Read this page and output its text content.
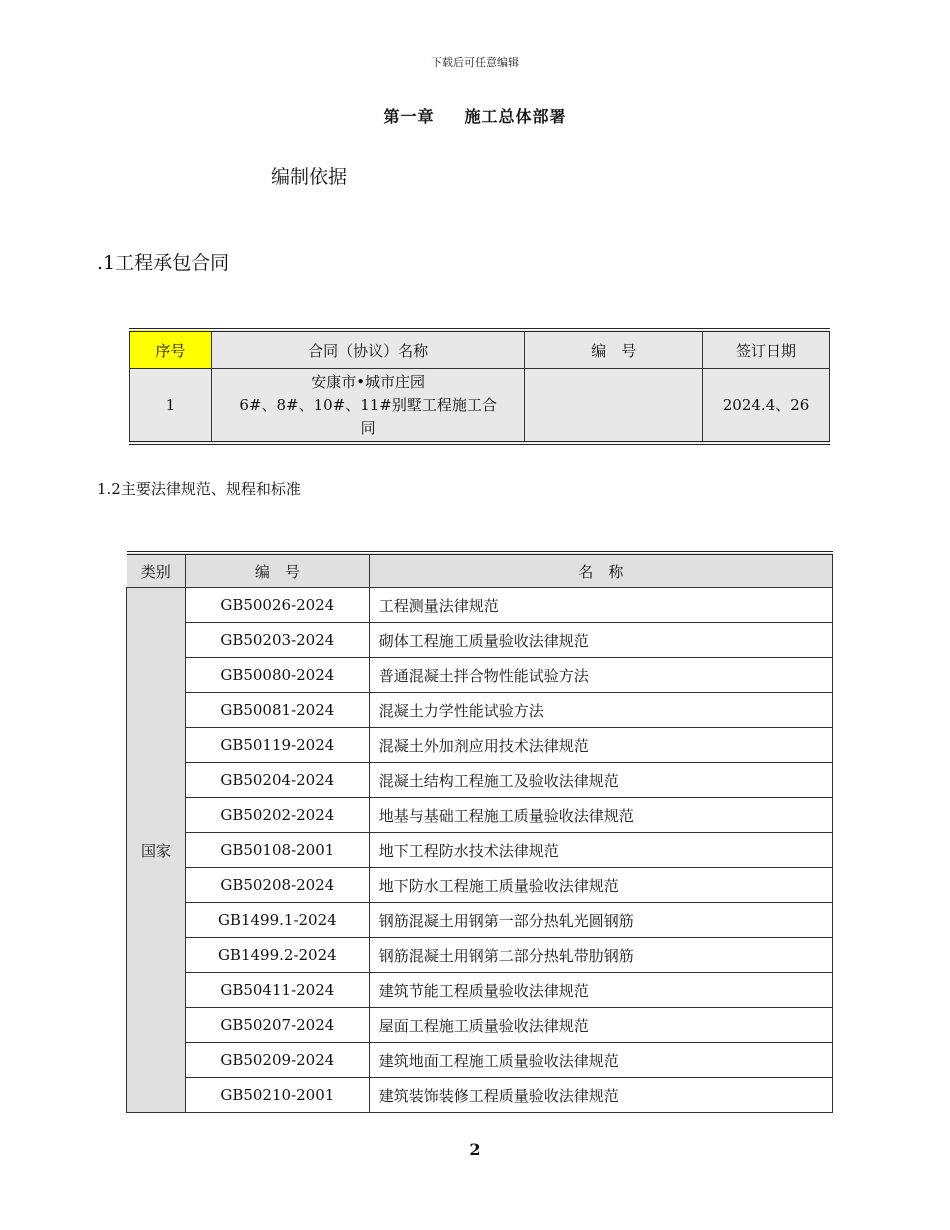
下载后可任意编辑
第一章 施工总体部署
编制依据
.1工程承包合同
序号	合同（协议）名称	编　号	签订日期
1	安康市•城市庄园
6#、8#、10#、11#别墅工程施工合
同		2024.4、26
1.2主要法律规范、规程和标准
类别	编　号	名　称
国家	GB50026-2024	工程测量法律规范
	GB50203-2024	砌体工程施工质量验收法律规范
	GB50080-2024	普通混凝土拌合物性能试验方法
	GB50081-2024	混凝土力学性能试验方法
	GB50119-2024	混凝土外加剂应用技术法律规范
	GB50204-2024	混凝土结构工程施工及验收法律规范
	GB50202-2024	地基与基础工程施工质量验收法律规范
	GB50108-2001	地下工程防水技术法律规范
	GB50208-2024	地下防水工程施工质量验收法律规范
	GB1499.1-2024	钢筋混凝土用钢第一部分热轧光圆钢筋
	GB1499.2-2024	钢筋混凝土用钢第二部分热轧带肋钢筋
	GB50411-2024	建筑节能工程质量验收法律规范
	GB50207-2024	屋面工程施工质量验收法律规范
	GB50209-2024	建筑地面工程施工质量验收法律规范
	GB50210-2001	建筑装饰装修工程质量验收法律规范
2
